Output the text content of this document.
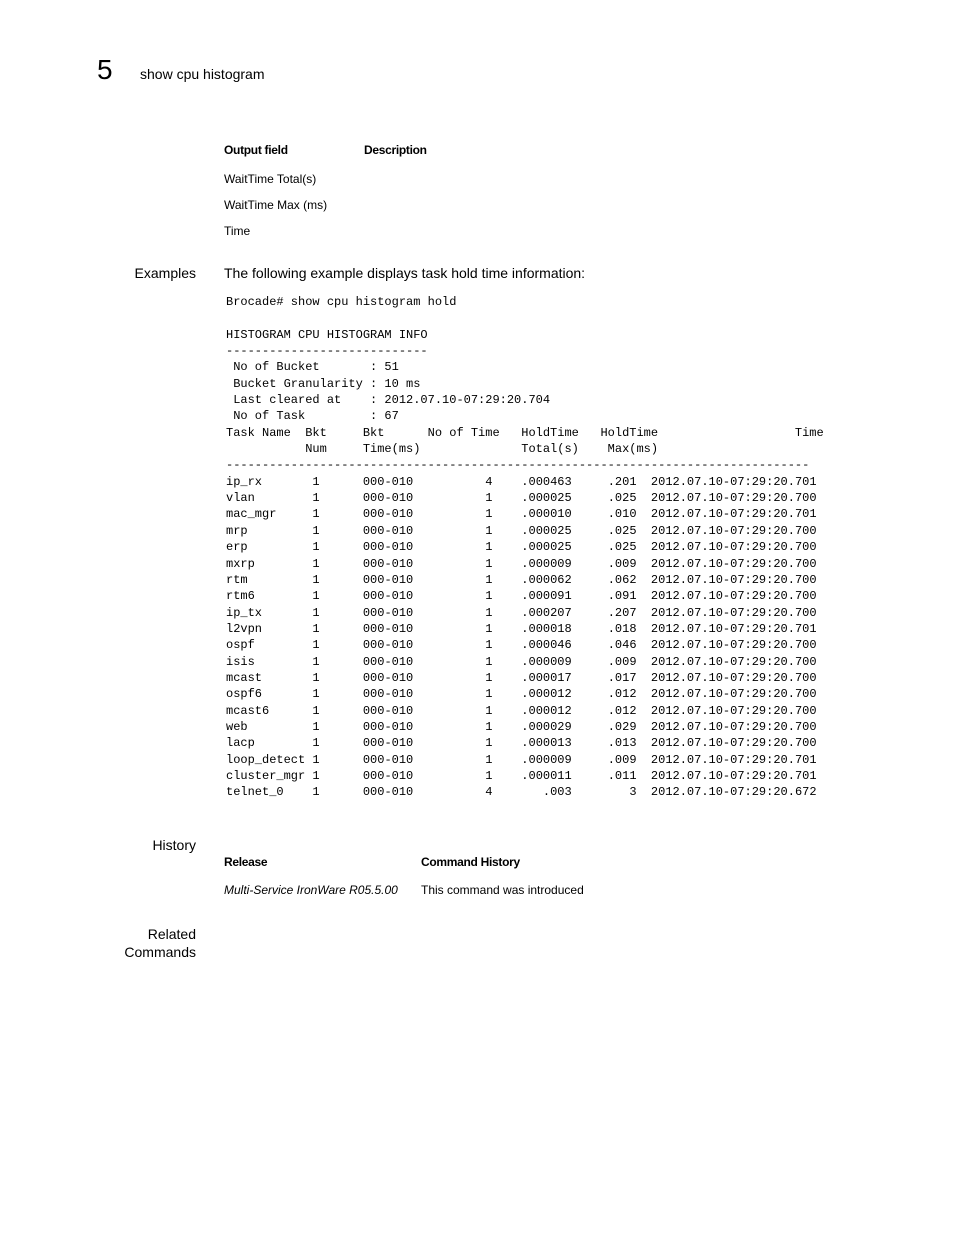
5 show cpu histogram
Output field	Description
WaitTime Total(s)
WaitTime Max (ms)
Time
Examples The following example displays task hold time information:
Brocade# show cpu histogram hold

HISTOGRAM CPU HISTOGRAM INFO
----------------------------
No of Bucket       : 51
Bucket Granularity : 10 ms
Last cleared at    : 2012.07.10-07:29:20.704
No of Task         : 67
Task Name  Bkt     Bkt      No of Time   HoldTime   HoldTime                   Time
Num     Time(ms)              Total(s)    Max(ms)
---------------------------------------------------------------------------------
ip_rx       1      000-010          4    .000463     .201  2012.07.10-07:29:20.701
vlan        1      000-010          1    .000025     .025  2012.07.10-07:29:20.700
mac_mgr     1      000-010          1    .000010     .010  2012.07.10-07:29:20.701
mrp         1      000-010          1    .000025     .025  2012.07.10-07:29:20.700
erp         1      000-010          1    .000025     .025  2012.07.10-07:29:20.700
mxrp        1      000-010          1    .000009     .009  2012.07.10-07:29:20.700
rtm         1      000-010          1    .000062     .062  2012.07.10-07:29:20.700
rtm6        1      000-010          1    .000091     .091  2012.07.10-07:29:20.700
ip_tx       1      000-010          1    .000207     .207  2012.07.10-07:29:20.700
l2vpn       1      000-010          1    .000018     .018  2012.07.10-07:29:20.701
ospf        1      000-010          1    .000046     .046  2012.07.10-07:29:20.700
isis        1      000-010          1    .000009     .009  2012.07.10-07:29:20.700
mcast       1      000-010          1    .000017     .017  2012.07.10-07:29:20.700
ospf6       1      000-010          1    .000012     .012  2012.07.10-07:29:20.700
mcast6      1      000-010          1    .000012     .012  2012.07.10-07:29:20.700
web         1      000-010          1    .000029     .029  2012.07.10-07:29:20.700
lacp        1      000-010          1    .000013     .013  2012.07.10-07:29:20.700
loop_detect 1      000-010          1    .000009     .009  2012.07.10-07:29:20.701
cluster_mgr 1      000-010          1    .000011     .011  2012.07.10-07:29:20.701
telnet_0    1      000-010          4       .003        3  2012.07.10-07:29:20.672
History
Release	Command History
Multi-Service IronWare R05.5.00 This command was introduced
Related
Commands
